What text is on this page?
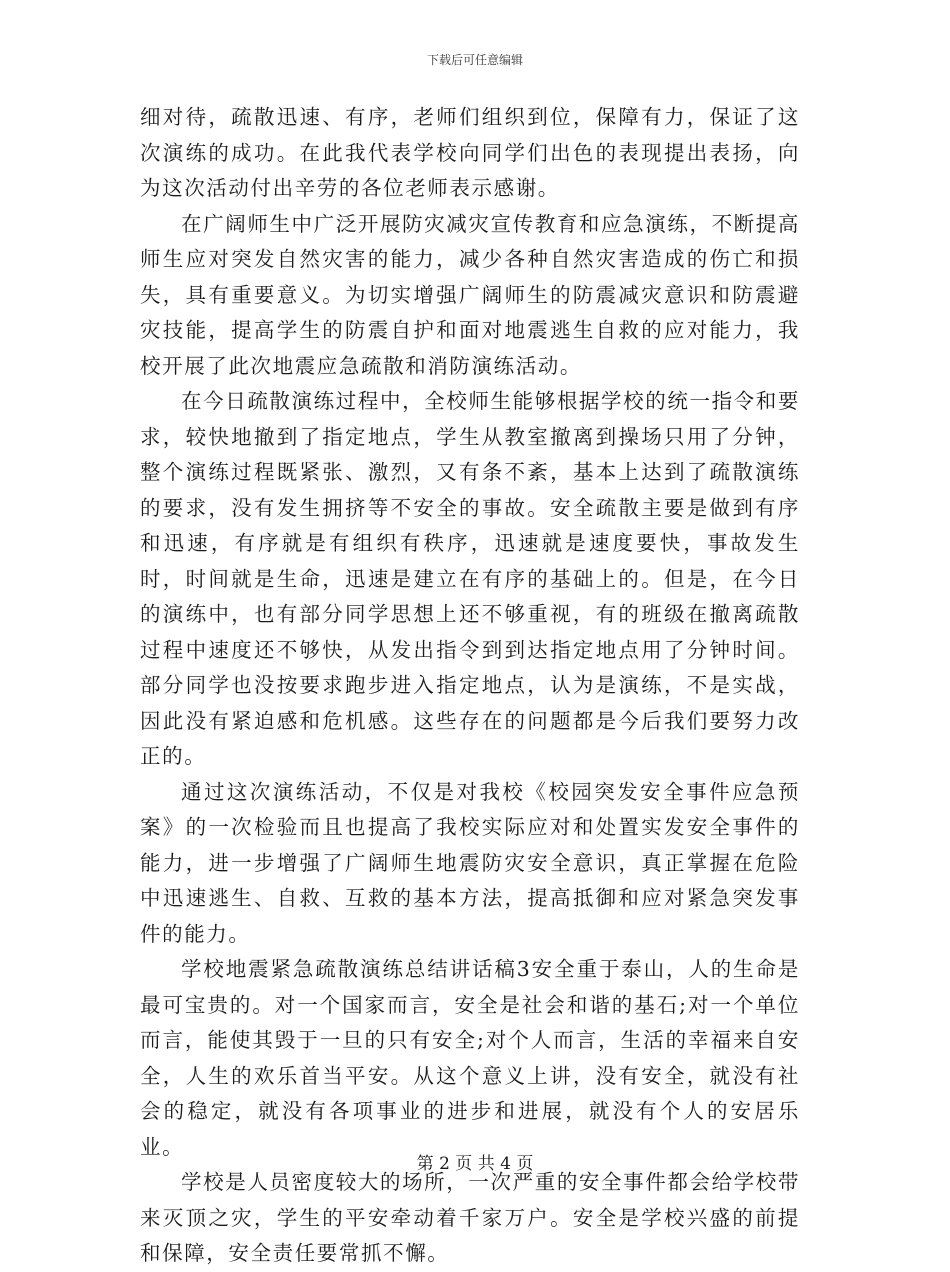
下载后可任意编辑

细对待，疏散迅速、有序，老师们组织到位，保障有力，保证了这次演练的成功。在此我代表学校向同学们出色的表现提出表扬，向为这次活动付出辛劳的各位老师表示感谢。

在广阔师生中广泛开展防灾减灾宣传教育和应急演练，不断提高师生应对突发自然灾害的能力，减少各种自然灾害造成的伤亡和损失，具有重要意义。为切实增强广阔师生的防震减灾意识和防震避灾技能，提高学生的防震自护和面对地震逃生自救的应对能力，我校开展了此次地震应急疏散和消防演练活动。

在今日疏散演练过程中，全校师生能够根据学校的统一指令和要求，较快地撤到了指定地点，学生从教室撤离到操场只用了分钟，整个演练过程既紧张、激烈，又有条不紊，基本上达到了疏散演练的要求，没有发生拥挤等不安全的事故。安全疏散主要是做到有序和迅速，有序就是有组织有秩序，迅速就是速度要快，事故发生时，时间就是生命，迅速是建立在有序的基础上的。但是，在今日的演练中，也有部分同学思想上还不够重视，有的班级在撤离疏散过程中速度还不够快，从发出指令到到达指定地点用了分钟时间。部分同学也没按要求跑步进入指定地点，认为是演练，不是实战，因此没有紧迫感和危机感。这些存在的问题都是今后我们要努力改正的。

通过这次演练活动，不仅是对我校《校园突发安全事件应急预案》的一次检验而且也提高了我校实际应对和处置实发安全事件的能力，进一步增强了广阔师生地震防灾安全意识，真正掌握在危险中迅速逃生、自救、互救的基本方法，提高抵御和应对紧急突发事件的能力。

学校地震紧急疏散演练总结讲话稿3安全重于泰山，人的生命是最可宝贵的。对一个国家而言，安全是社会和谐的基石;对一个单位而言，能使其毁于一旦的只有安全;对个人而言，生活的幸福来自安全，人生的欢乐首当平安。从这个意义上讲，没有安全，就没有社会的稳定，就没有各项事业的进步和进展，就没有个人的安居乐业。

学校是人员密度较大的场所，一次严重的安全事件都会给学校带来灭顶之灾，学生的平安牵动着千家万户。安全是学校兴盛的前提和保障，安全责任要常抓不懈。

第 2 页 共 4 页
